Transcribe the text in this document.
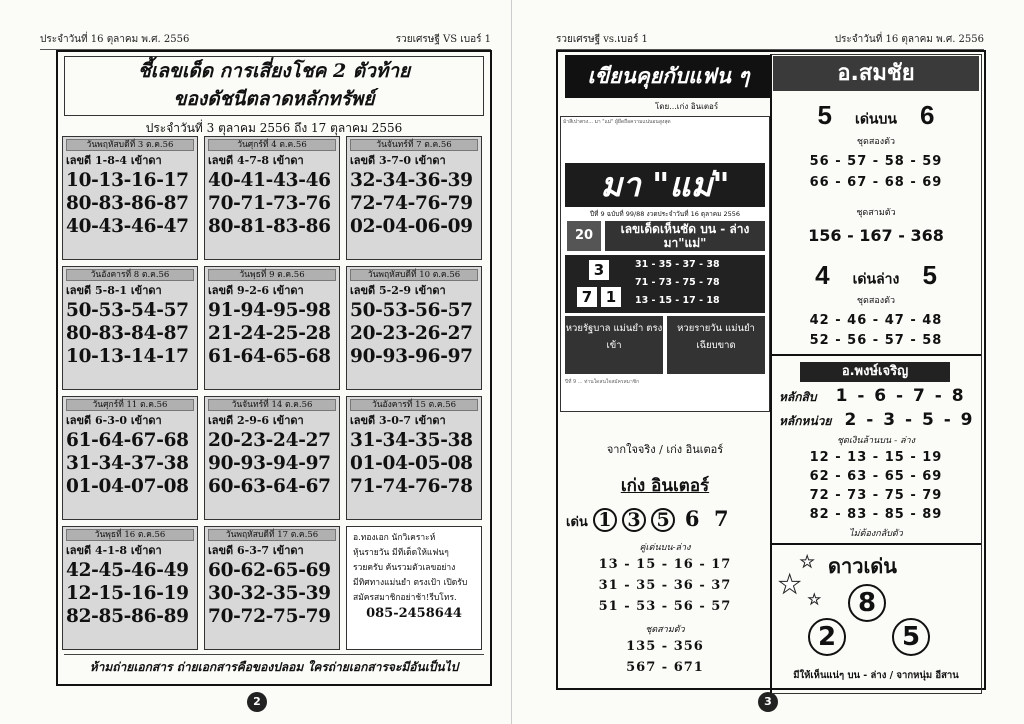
ประจำวันที่ 16 ตุลาคม พ.ศ. 2556	รวยเศรษฐี VS เบอร์ 1
ชี้เลขเด็ด การเสี่ยงโชค 2 ตัวท้าย
ของดัชนีตลาดหลักทรัพย์
ประจำวันที่ 3 ตุลาคม 2556 ถึง 17 ตุลาคม 2556
วันพฤหัสบดีที่ 3 ต.ค.56
เลขดี 1-8-4 เข้าดา
10-13-16-17
80-83-86-87
40-43-46-47
วันศุกร์ที่ 4 ต.ค.56
เลขดี 4-7-8 เข้าดา
40-41-43-46
70-71-73-76
80-81-83-86
วันจันทร์ที่ 7 ต.ค.56
เลขดี 3-7-0 เข้าดา
32-34-36-39
72-74-76-79
02-04-06-09
วันอังคารที่ 8 ต.ค.56
เลขดี 5-8-1 เข้าดา
50-53-54-57
80-83-84-87
10-13-14-17
วันพุธที่ 9 ต.ค.56
เลขดี 9-2-6 เข้าดา
91-94-95-98
21-24-25-28
61-64-65-68
วันพฤหัสบดีที่ 10 ต.ค.56
เลขดี 5-2-9 เข้าดา
50-53-56-57
20-23-26-27
90-93-96-97
วันศุกร์ที่ 11 ต.ค.56
เลขดี 6-3-0 เข้าดา
61-64-67-68
31-34-37-38
01-04-07-08
วันจันทร์ที่ 14 ต.ค.56
เลขดี 2-9-6 เข้าดา
20-23-24-27
90-93-94-97
60-63-64-67
วันอังคารที่ 15 ต.ค.56
เลขดี 3-0-7 เข้าดา
31-34-35-38
01-04-05-08
71-74-76-78
วันพุธที่ 16 ต.ค.56
เลขดี 4-1-8 เข้าดา
42-45-46-49
12-15-16-19
82-85-86-89
วันพฤหัสบดีที่ 17 ต.ค.56
เลขดี 6-3-7 เข้าดา
60-62-65-69
30-32-35-39
70-72-75-79
อ.ทองเอก นักวิเคราะห์
หุ้นรายวัน มีทีเด็ดให้แฟนๆ
รวยครับ ค้นรวมตัวเลขอย่าง
มีทิศทางแม่นยำ ตรงเป้า เปิดรับ
สมัครสมาชิกอย่าช้า!รีบโทร.
085-2458644
ห้ามถ่ายเอกสาร ถ่ายเอกสารคือของปลอม ใครถ่ายเอกสารจะมีอันเป็นไป
2
รวยเศรษฐี vs.เบอร์ 1	ประจำวันที่ 16 ตุลาคม พ.ศ. 2556
เขียนคุยกับแฟน ๆ
โดย...เก่ง อินเตอร์
ม้าสีเปาตรง... มา "แม่" ผู้ยึดถือความแน่นอนสูงสุด
มา "แม่"
ปีที่ 9 ฉบับที่ 99/88 งวดประจำวันที่ 16 ตุลาคม 2556
20	เลขเด็ดเห็นชัด บน - ล่าง มา"แม่"
3
7 1
31 - 35 - 37 - 38
71 - 73 - 75 - 78
13 - 15 - 17 - 18
หวยรัฐบาล แม่นยำ ตรงเข้า
หวยรายวัน แม่นยำ เฉียบขาด
ปีที่ 9 ... ท่านใดสนใจสมัครสมาชิก
จากใจจริง / เก่ง อินเตอร์
เก่ง อินเตอร์
เด่น 1 3 5 6 7
คู่เด่นบน-ล่าง
13 - 15 - 16 - 17
31 - 35 - 36 - 37
51 - 53 - 56 - 57
ชุดสามตัว
135 - 356
567 - 671
3
อ.สมชัย
5 เด่นบน 6
ชุดสองตัว
56 - 57 - 58 - 59
66 - 67 - 68 - 69
ชุดสามตัว
156 - 167 - 368
4 เด่นล่าง 5
ชุดสองตัว
42 - 46 - 47 - 48
52 - 56 - 57 - 58
อ.พงษ์เจริญ
หลักสิบ 1 - 6 - 7 - 8
หลักหน่วย 2 - 3 - 5 - 9
ชุดเงินล้านบน - ล่าง
12 - 13 - 15 - 19
62 - 63 - 65 - 69
72 - 73 - 75 - 79
82 - 83 - 85 - 89
ไม่ต้องกลับตัว
★
★
★
ดาวเด่น
8
2	5
มีให้เห็นแน่ๆ บน - ล่าง / จากหนุ่ม อีสาน
